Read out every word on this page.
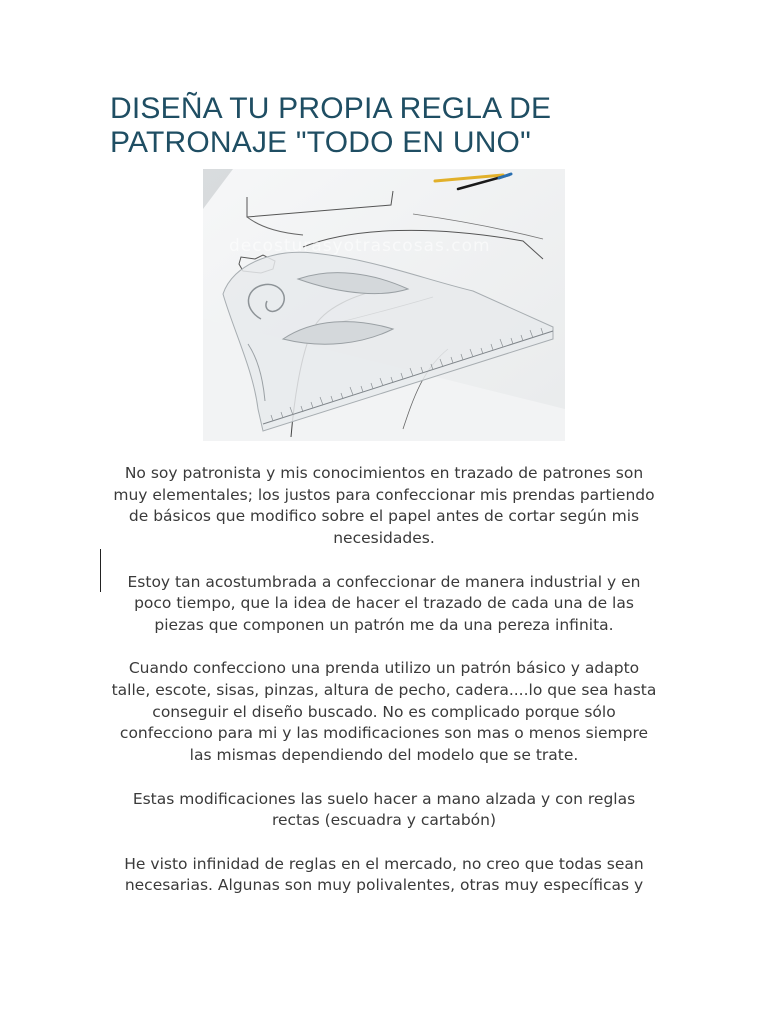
DISEÑA TU PROPIA REGLA DE PATRONAJE "TODO EN UNO"
decosturasyotrascosas.com

No soy patronista y mis conocimientos en trazado de patrones son muy elementales; los justos para confeccionar mis prendas partiendo de básicos que modifico sobre el papel antes de cortar según mis necesidades.

Estoy tan acostumbrada a confeccionar de manera industrial y en poco tiempo, que la idea de hacer el trazado de cada una de las piezas que componen un patrón me da una pereza infinita.

Cuando confecciono una prenda utilizo un patrón básico y adapto talle, escote, sisas, pinzas, altura de pecho, cadera....lo que sea hasta conseguir el diseño buscado. No es complicado porque sólo confecciono para mi y las modificaciones son mas o menos siempre las mismas dependiendo del modelo que se trate.

Estas modificaciones las suelo hacer a mano alzada y con reglas rectas (escuadra y cartabón)

He visto infinidad de reglas en el mercado, no creo que todas sean necesarias. Algunas son muy polivalentes, otras muy específicas y
